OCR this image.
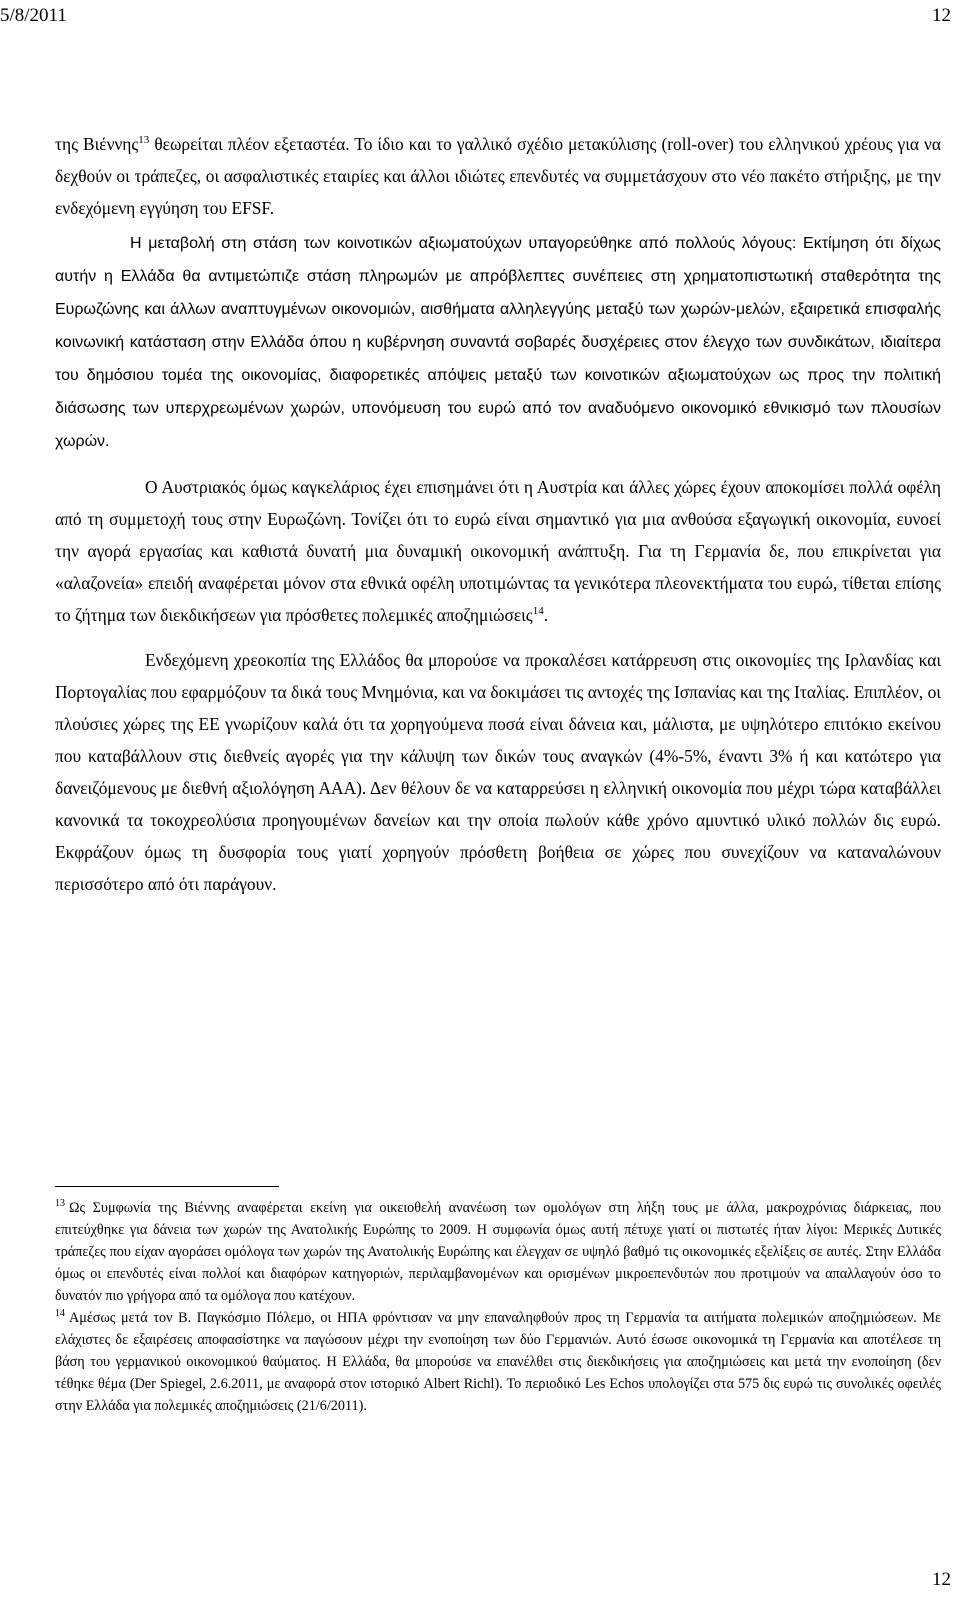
5/8/2011	12

της Βιέννης$^{13}$ θεωρείται πλέον εξεταστέα. Το ίδιο και το γαλλικό σχέδιο μετακύλισης (roll-over) του ελληνικού χρέους για να δεχθούν οι τράπεζες, οι ασφαλιστικές εταιρίες και άλλοι ιδιώτες επενδυτές να συμμετάσχουν στο νέο πακέτο στήριξης, με την ενδεχόμενη εγγύηση του EFSF.

Η μεταβολή στη στάση των κοινοτικών αξιωματούχων υπαγορεύθηκε από πολλούς λόγους: Εκτίμηση ότι δίχως αυτήν η Ελλάδα θα αντιμετώπιζε στάση πληρωμών με απρόβλεπτες συνέπειες στη χρηματοπιστωτική σταθερότητα της Ευρωζώνης και άλλων αναπτυγμένων οικονομιών, αισθήματα αλληλεγγύης μεταξύ των χωρών-μελών, εξαιρετικά επισφαλής κοινωνική κατάσταση στην Ελλάδα όπου η κυβέρνηση συναντά σοβαρές δυσχέρειες στον έλεγχο των συνδικάτων, ιδιαίτερα του δημόσιου τομέα της οικονομίας, διαφορετικές απόψεις μεταξύ των κοινοτικών αξιωματούχων ως προς την πολιτική διάσωσης των υπερχρεωμένων χωρών, υπονόμευση του ευρώ από τον αναδυόμενο οικονομικό εθνικισμό των πλουσίων χωρών.

Ο Αυστριακός όμως καγκελάριος έχει επισημάνει ότι η Αυστρία και άλλες χώρες έχουν αποκομίσει πολλά οφέλη από τη συμμετοχή τους στην Ευρωζώνη. Τονίζει ότι το ευρώ είναι σημαντικό για μια ανθούσα εξαγωγική οικονομία, ευνοεί την αγορά εργασίας και καθιστά δυνατή μια δυναμική οικονομική ανάπτυξη. Για τη Γερμανία δε, που επικρίνεται για «αλαζονεία» επειδή αναφέρεται μόνον στα εθνικά οφέλη υποτιμώντας τα γενικότερα πλεονεκτήματα του ευρώ, τίθεται επίσης το ζήτημα των διεκδικήσεων για πρόσθετες πολεμικές αποζημιώσεις$^{14}$.

Ενδεχόμενη χρεοκοπία της Ελλάδος θα μπορούσε να προκαλέσει κατάρρευση στις οικονομίες της Ιρλανδίας και Πορτογαλίας που εφαρμόζουν τα δικά τους Μνημόνια, και να δοκιμάσει τις αντοχές της Ισπανίας και της Ιταλίας. Επιπλέον, οι πλούσιες χώρες της ΕΕ γνωρίζουν καλά ότι τα χορηγούμενα ποσά είναι δάνεια και, μάλιστα, με υψηλότερο επιτόκιο εκείνου που καταβάλλουν στις διεθνείς αγορές για την κάλυψη των δικών τους αναγκών (4%-5%, έναντι 3% ή και κατώτερο για δανειζόμενους με διεθνή αξιολόγηση ΑΑΑ). Δεν θέλουν δε να καταρρεύσει η ελληνική οικονομία που μέχρι τώρα καταβάλλει κανονικά τα τοκοχρεολύσια προηγουμένων δανείων και την οποία πωλούν κάθε χρόνο αμυντικό υλικό πολλών δις ευρώ. Εκφράζουν όμως τη δυσφορία τους γιατί χορηγούν πρόσθετη βοήθεια σε χώρες που συνεχίζουν να καταναλώνουν περισσότερο από ότι παράγουν.

$^{13}$ Ως Συμφωνία της Βιέννης αναφέρεται εκείνη για οικειοθελή ανανέωση των ομολόγων στη λήξη τους με άλλα, μακροχρόνιας διάρκειας, που επιτεύχθηκε για δάνεια των χωρών της Ανατολικής Ευρώπης το 2009. Η συμφωνία όμως αυτή πέτυχε γιατί οι πιστωτές ήταν λίγοι: Μερικές Δυτικές τράπεζες που είχαν αγοράσει ομόλογα των χωρών της Ανατολικής Ευρώπης και έλεγχαν σε υψηλό βαθμό τις οικονομικές εξελίξεις σε αυτές. Στην Ελλάδα όμως οι επενδυτές είναι πολλοί και διαφόρων κατηγοριών, περιλαμβανομένων και ορισμένων μικροεπενδυτών που προτιμούν να απαλλαγούν όσο το δυνατόν πιο γρήγορα από τα ομόλογα που κατέχουν.

$^{14}$ Αμέσως μετά τον Β. Παγκόσμιο Πόλεμο, οι ΗΠΑ φρόντισαν να μην επαναληφθούν προς τη Γερμανία τα αιτήματα πολεμικών αποζημιώσεων. Με ελάχιστες δε εξαιρέσεις αποφασίστηκε να παγώσουν μέχρι την ενοποίηση των δύο Γερμανιών. Αυτό έσωσε οικονομικά τη Γερμανία και αποτέλεσε τη βάση του γερμανικού οικονομικού θαύματος. Η Ελλάδα, θα μπορούσε να επανέλθει στις διεκδικήσεις για αποζημιώσεις και μετά την ενοποίηση (δεν τέθηκε θέμα (Der Spiegel, 2.6.2011, με αναφορά στον ιστορικό Albert Richl). Το περιοδικό Les Echos υπολογίζει στα 575 δις ευρώ τις συνολικές οφειλές στην Ελλάδα για πολεμικές αποζημιώσεις (21/6/2011).

12
